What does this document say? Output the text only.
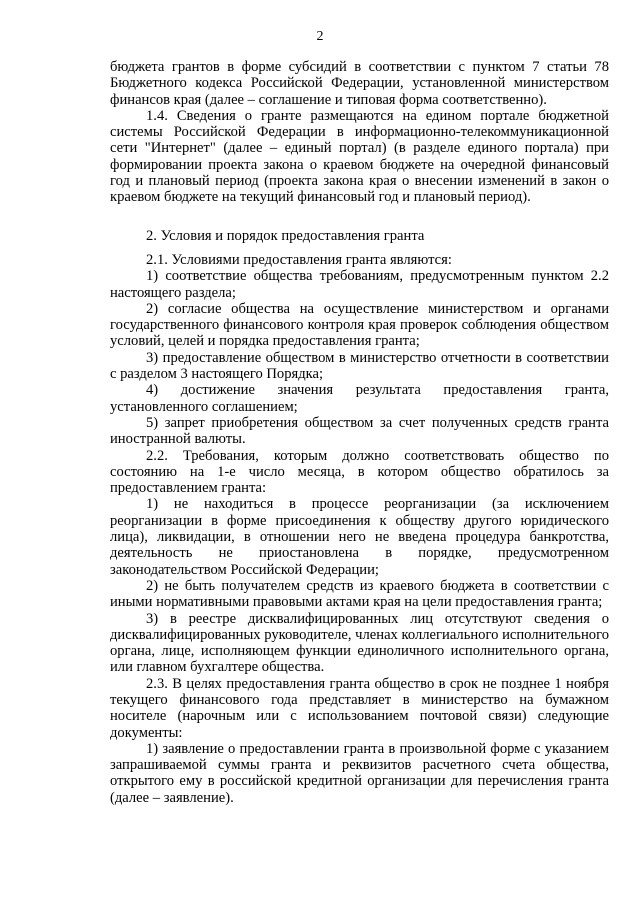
2

бюджета грантов в форме субсидий в соответствии с пунктом 7 статьи 78 Бюджетного кодекса Российской Федерации, установленной министерством финансов края (далее – соглашение и типовая форма соответственно).

1.4. Сведения о гранте размещаются на едином портале бюджетной системы Российской Федерации в информационно-телекоммуникационной сети "Интернет" (далее – единый портал) (в разделе единого портала) при формировании проекта закона о краевом бюджете на очередной финансовый год и плановый период (проекта закона края о внесении изменений в закон о краевом бюджете на текущий финансовый год и плановый период).

2. Условия и порядок предоставления гранта

2.1. Условиями предоставления гранта являются:

1) соответствие общества требованиям, предусмотренным пунктом 2.2 настоящего раздела;

2) согласие общества на осуществление министерством и органами государственного финансового контроля края проверок соблюдения обществом условий, целей и порядка предоставления гранта;

3) предоставление обществом в министерство отчетности в соответствии с разделом 3 настоящего Порядка;

4) достижение значения результата предоставления гранта, установленного соглашением;

5) запрет приобретения обществом за счет полученных средств гранта иностранной валюты.

2.2. Требования, которым должно соответствовать общество по состоянию на 1-е число месяца, в котором общество обратилось за предоставлением гранта:

1) не находиться в процессе реорганизации (за исключением реорганизации в форме присоединения к обществу другого юридического лица), ликвидации, в отношении него не введена процедура банкротства, деятельность не приостановлена в порядке, предусмотренном законодательством Российской Федерации;

2) не быть получателем средств из краевого бюджета в соответствии с иными нормативными правовыми актами края на цели предоставления гранта;

3) в реестре дисквалифицированных лиц отсутствуют сведения о дисквалифицированных руководителе, членах коллегиального исполнительного органа, лице, исполняющем функции единоличного исполнительного органа, или главном бухгалтере общества.

2.3. В целях предоставления гранта общество в срок не позднее 1 ноября текущего финансового года представляет в министерство на бумажном носителе (нарочным или с использованием почтовой связи) следующие документы:

1) заявление о предоставлении гранта в произвольной форме с указанием запрашиваемой суммы гранта и реквизитов расчетного счета общества, открытого ему в российской кредитной организации для перечисления гранта (далее – заявление).
